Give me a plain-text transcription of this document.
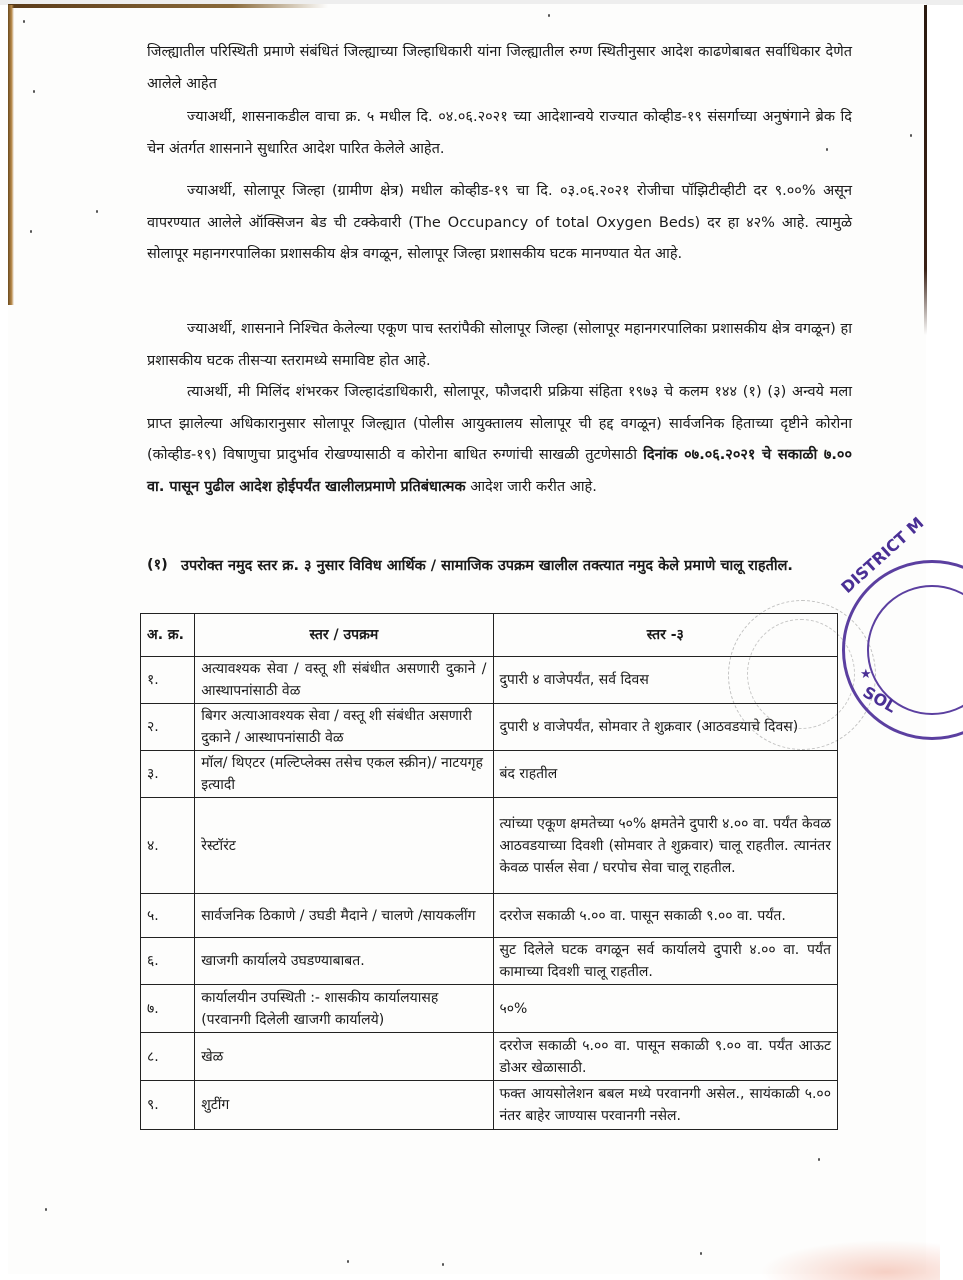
जिल्ह्यातील परिस्थिती प्रमाणे संबंधितं जिल्ह्याच्या जिल्हाधिकारी यांना जिल्ह्यातील रुग्ण स्थितीनुसार आदेश काढणेबाबत सर्वाधिकार देणेत आलेले आहेत
ज्याअर्थी, शासनाकडील वाचा क्र. ५ मधील दि. ०४.०६.२०२१ च्या आदेशान्वये राज्यात कोव्हीड-१९ संसर्गाच्या अनुषंगाने ब्रेक दि चेन अंतर्गत शासनाने सुधारित आदेश पारित केलेले आहेत.
ज्याअर्थी, सोलापूर जिल्हा (ग्रामीण क्षेत्र) मधील कोव्हीड-१९ चा दि. ०३.०६.२०२१ रोजीचा पॉझिटीव्हीटी दर ९.००% असून वापरण्यात आलेले ऑक्सिजन बेड ची टक्केवारी (The Occupancy of total Oxygen Beds) दर हा ४२% आहे. त्यामुळे सोलापूर महानगरपालिका प्रशासकीय क्षेत्र वगळून, सोलापूर जिल्हा प्रशासकीय घटक मानण्यात येत आहे.
ज्याअर्थी, शासनाने निश्चित केलेल्या एकूण पाच स्तरांपैकी सोलापूर जिल्हा (सोलापूर महानगरपालिका प्रशासकीय क्षेत्र वगळून) हा प्रशासकीय घटक तीसऱ्या स्तरामध्ये समाविष्ट होत आहे.
त्याअर्थी, मी मिलिंद शंभरकर जिल्हादंडाधिकारी, सोलापूर, फौजदारी प्रक्रिया संहिता १९७३ चे कलम १४४ (१) (३) अन्वये मला प्राप्त झालेल्या अधिकारानुसार सोलापूर जिल्ह्यात (पोलीस आयुक्तालय सोलापूर ची हद्द वगळून) सार्वजनिक हिताच्या दृष्टीने कोरोना (कोव्हीड-१९) विषाणुचा प्रादुर्भाव रोखण्यासाठी व कोरोना बाधित रुग्णांची साखळी तुटणेसाठी दिनांक ०७.०६.२०२१ चे सकाळी ७.०० वा. पासून पुढील आदेश होईपर्यंत खालीलप्रमाणे प्रतिबंधात्मक आदेश जारी करीत आहे.
(१) उपरोक्त नमुद स्तर क्र. ३ नुसार विविध आर्थिक / सामाजिक उपक्रम खालील तक्त्यात नमुद केले प्रमाणे चालू राहतील.
अ. क्र.	स्तर / उपक्रम	स्तर -३
१.	अत्यावश्यक सेवा / वस्तू शी संबंधीत असणारी दुकाने / आस्थापनांसाठी वेळ	दुपारी ४ वाजेपर्यंत, सर्व दिवस
२.	बिगर अत्याआवश्यक सेवा / वस्तू शी संबंधीत असणारी दुकाने / आस्थापनांसाठी वेळ	दुपारी ४ वाजेपर्यंत, सोमवार ते शुक्रवार (आठवडयाचे दिवस)
३.	मॉल/ थिएटर (मल्टिप्लेक्स तसेच एकल स्क्रीन)/ नाटयगृह इत्यादी	बंद राहतील
४.	रेस्टॉरंट	त्यांच्या एकूण क्षमतेच्या ५०% क्षमतेने दुपारी ४.०० वा. पर्यंत केवळ आठवडयाच्या दिवशी (सोमवार ते शुक्रवार) चालू राहतील. त्यानंतर केवळ पार्सल सेवा / घरपोच सेवा चालू राहतील.
५.	सार्वजनिक ठिकाणे / उघडी मैदाने / चालणे /सायकलींग	दररोज सकाळी ५.०० वा. पासून सकाळी ९.०० वा. पर्यंत.
६.	खाजगी कार्यालये उघडण्याबाबत.	सुट दिलेले घटक वगळून सर्व कार्यालये दुपारी ४.०० वा. पर्यंत कामाच्या दिवशी चालू राहतील.
७.	कार्यालयीन उपस्थिती :- शासकीय कार्यालयासह (परवानगी दिलेली खाजगी कार्यालये)	५०%
८.	खेळ	दररोज सकाळी ५.०० वा. पासून सकाळी ९.०० वा. पर्यंत आऊट डोअर खेळासाठी.
९.	शुटींग	फक्त आयसोलेशन बबल मध्ये परवानगी असेल., सायंकाळी ५.०० नंतर बाहेर जाण्यास परवानगी नसेल.
DISTRICT M
★
SOL
